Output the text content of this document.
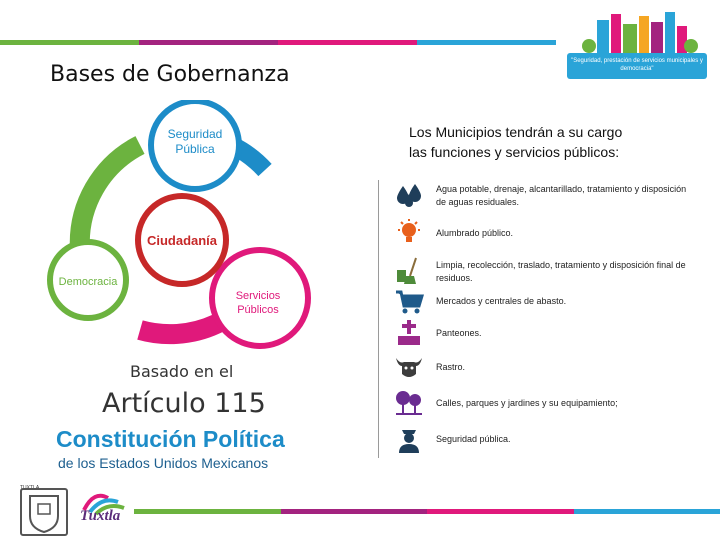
Bases de Gobernanza
"Seguridad, prestación de servicios municipales y democracia"
Seguridad
Pública
Ciudadanía
Democracia
Servicios
Públicos
Basado en el
Artículo 115
Constitución Política
de los Estados Unidos Mexicanos
Los Municipios tendrán a su cargo
las funciones y servicios públicos:
Agua potable, drenaje, alcantarillado, tratamiento y disposición de aguas residuales.
Alumbrado público.
Limpia, recolección, traslado, tratamiento y disposición final de residuos.
Mercados y centrales de abasto.
Panteones.
Rastro.
Calles, parques y jardines y su equipamiento;
Seguridad pública.
TUXTLA
Tuxtla
